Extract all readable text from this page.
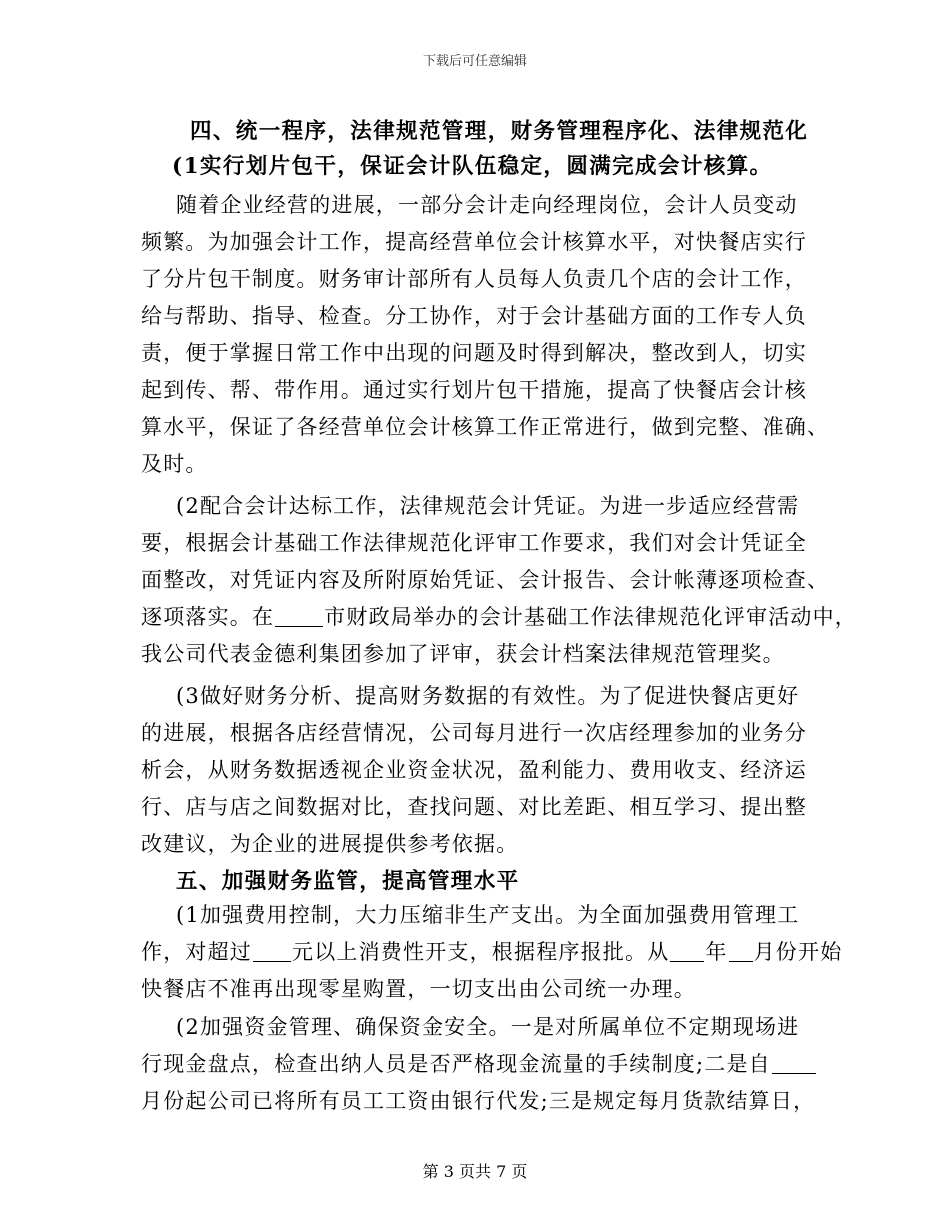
下载后可任意编辑
四、统一程序，法律规范管理，财务管理程序化、法律规范化
(1实行划片包干，保证会计队伍稳定，圆满完成会计核算。
随着企业经营的进展，一部分会计走向经理岗位，会计人员变动
频繁。为加强会计工作，提高经营单位会计核算水平，对快餐店实行
了分片包干制度。财务审计部所有人员每人负责几个店的会计工作，
给与帮助、指导、检查。分工协作，对于会计基础方面的工作专人负
责，便于掌握日常工作中出现的问题及时得到解决，整改到人，切实
起到传、帮、带作用。通过实行划片包干措施，提高了快餐店会计核
算水平，保证了各经营单位会计核算工作正常进行，做到完整、准确、
及时。
(2配合会计达标工作，法律规范会计凭证。为进一步适应经营需
要，根据会计基础工作法律规范化评审工作要求，我们对会计凭证全
面整改，对凭证内容及所附原始凭证、会计报告、会计帐薄逐项检查、
逐项落实。在 市财政局举办的会计基础工作法律规范化评审活动中，
我公司代表金德利集团参加了评审，获会计档案法律规范管理奖。
(3做好财务分析、提高财务数据的有效性。为了促进快餐店更好
的进展，根据各店经营情况，公司每月进行一次店经理参加的业务分
析会，从财务数据透视企业资金状况，盈利能力、费用收支、经济运
行、店与店之间数据对比，查找问题、对比差距、相互学习、提出整
改建议，为企业的进展提供参考依据。
五、加强财务监管，提高管理水平
(1加强费用控制，大力压缩非生产支出。为全面加强费用管理工
作，对超过 元以上消费性开支，根据程序报批。从 年 月份开始
快餐店不准再出现零星购置，一切支出由公司统一办理。
(2加强资金管理、确保资金安全。一是对所属单位不定期现场进
行现金盘点，检查出纳人员是否严格现金流量的手续制度;二是自
月份起公司已将所有员工工资由银行代发;三是规定每月货款结算日，
第 3 页共 7 页
